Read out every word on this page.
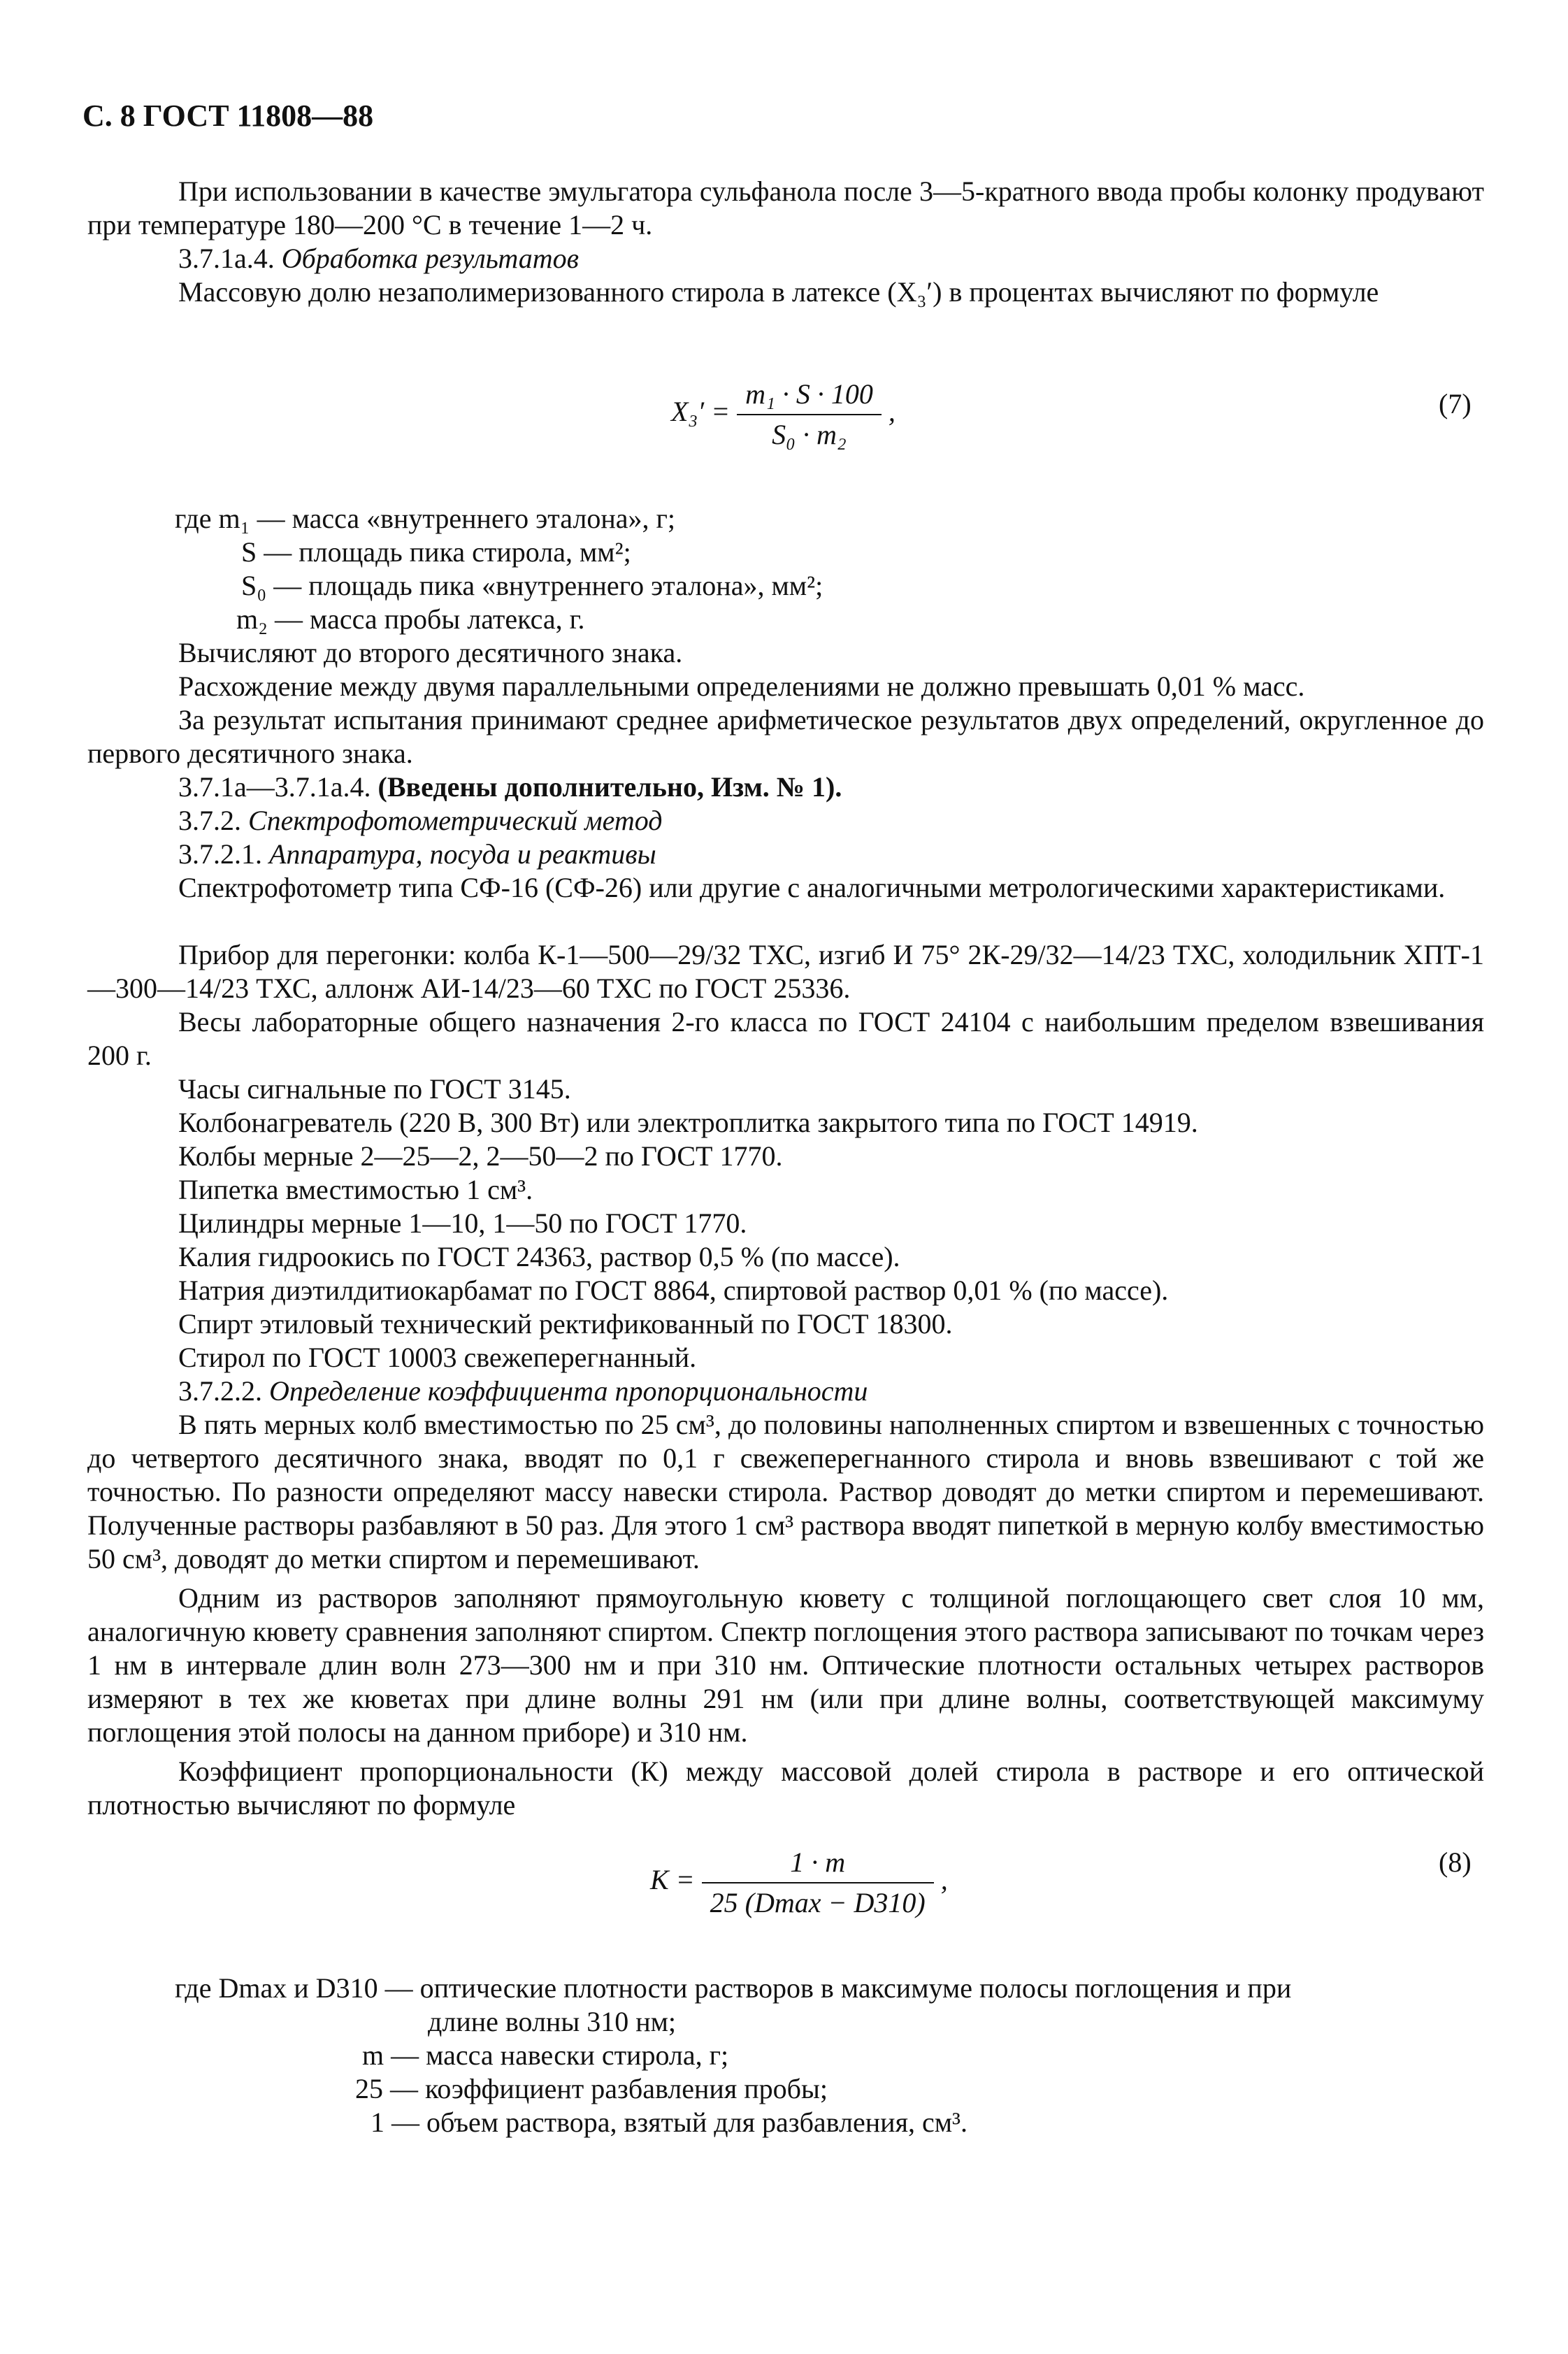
С. 8 ГОСТ 11808—88
При использовании в качестве эмульгатора сульфанола после 3—5-кратного ввода пробы колонку продувают при температуре 180—200 °С в течение 1—2 ч.
3.7.1а.4. Обработка результатов
Массовую долю незаполимеризованного стирола в латексе (X₃′) в процентах вычисляют по формуле
$X_3' = \frac{\text{m₁ · S · 100}}{\text{S₀ · m₂}}$ ,	(7)
где m₁ — масса «внутреннего эталона», г;
S — площадь пика стирола, мм²;
S₀ — площадь пика «внутреннего эталона», мм²;
m₂ — масса пробы латекса, г.
Вычисляют до второго десятичного знака.
Расхождение между двумя параллельными определениями не должно превышать 0,01 % масс.
За результат испытания принимают среднее арифметическое результатов двух определений, округленное до первого десятичного знака.
3.7.1а—3.7.1а.4. (Введены дополнительно, Изм. № 1).
3.7.2. Спектрофотометрический метод
3.7.2.1. Аппаратура, посуда и реактивы
Спектрофотометр типа СФ-16 (СФ-26) или другие с аналогичными метрологическими характеристиками.
Прибор для перегонки: колба К-1—500—29/32 ТХС, изгиб И 75° 2К-29/32—14/23 ТХС, холодильник ХПТ-1—300—14/23 ТХС, аллонж АИ-14/23—60 ТХС по ГОСТ 25336.
Весы лабораторные общего назначения 2-го класса по ГОСТ 24104 с наибольшим пределом взвешивания 200 г.
Часы сигнальные по ГОСТ 3145.
Колбонагреватель (220 В, 300 Вт) или электроплитка закрытого типа по ГОСТ 14919.
Колбы мерные 2—25—2, 2—50—2 по ГОСТ 1770.
Пипетка вместимостью 1 см³.
Цилиндры мерные 1—10, 1—50 по ГОСТ 1770.
Калия гидроокись по ГОСТ 24363, раствор 0,5 % (по массе).
Натрия диэтилдитиокарбамат по ГОСТ 8864, спиртовой раствор 0,01 % (по массе).
Спирт этиловый технический ректификованный по ГОСТ 18300.
Стирол по ГОСТ 10003 свежеперегнанный.
3.7.2.2. Определение коэффициента пропорциональности
В пять мерных колб вместимостью по 25 см³, до половины наполненных спиртом и взвешенных с точностью до четвертого десятичного знака, вводят по 0,1 г свежеперегнанного стирола и вновь взвешивают с той же точностью. По разности определяют массу навески стирола. Раствор доводят до метки спиртом и перемешивают. Полученные растворы разбавляют в 50 раз. Для этого 1 см³ раствора вводят пипеткой в мерную колбу вместимостью 50 см³, доводят до метки спиртом и перемешивают.
Одним из растворов заполняют прямоугольную кювету с толщиной поглощающего свет слоя 10 мм, аналогичную кювету сравнения заполняют спиртом. Спектр поглощения этого раствора записывают по точкам через 1 нм в интервале длин волн 273—300 нм и при 310 нм. Оптические плотности остальных четырех растворов измеряют в тех же кюветах при длине волны 291 нм (или при длине волны, соответствующей максимуму поглощения этой полосы на данном приборе) и 310 нм.
Коэффициент пропорциональности (К) между массовой долей стирола в растворе и его оптической плотностью вычисляют по формуле
$K = \frac{1 \cdot m}{25 (Dmax - D310)}$ ,
(8)
где Dmax и D310 — оптические плотности растворов в максимуме полосы поглощения и при
длине волны 310 нм;
m — масса навески стирола, г;
25 — коэффициент разбавления пробы;
1 — объем раствора, взятый для разбавления, см³.
